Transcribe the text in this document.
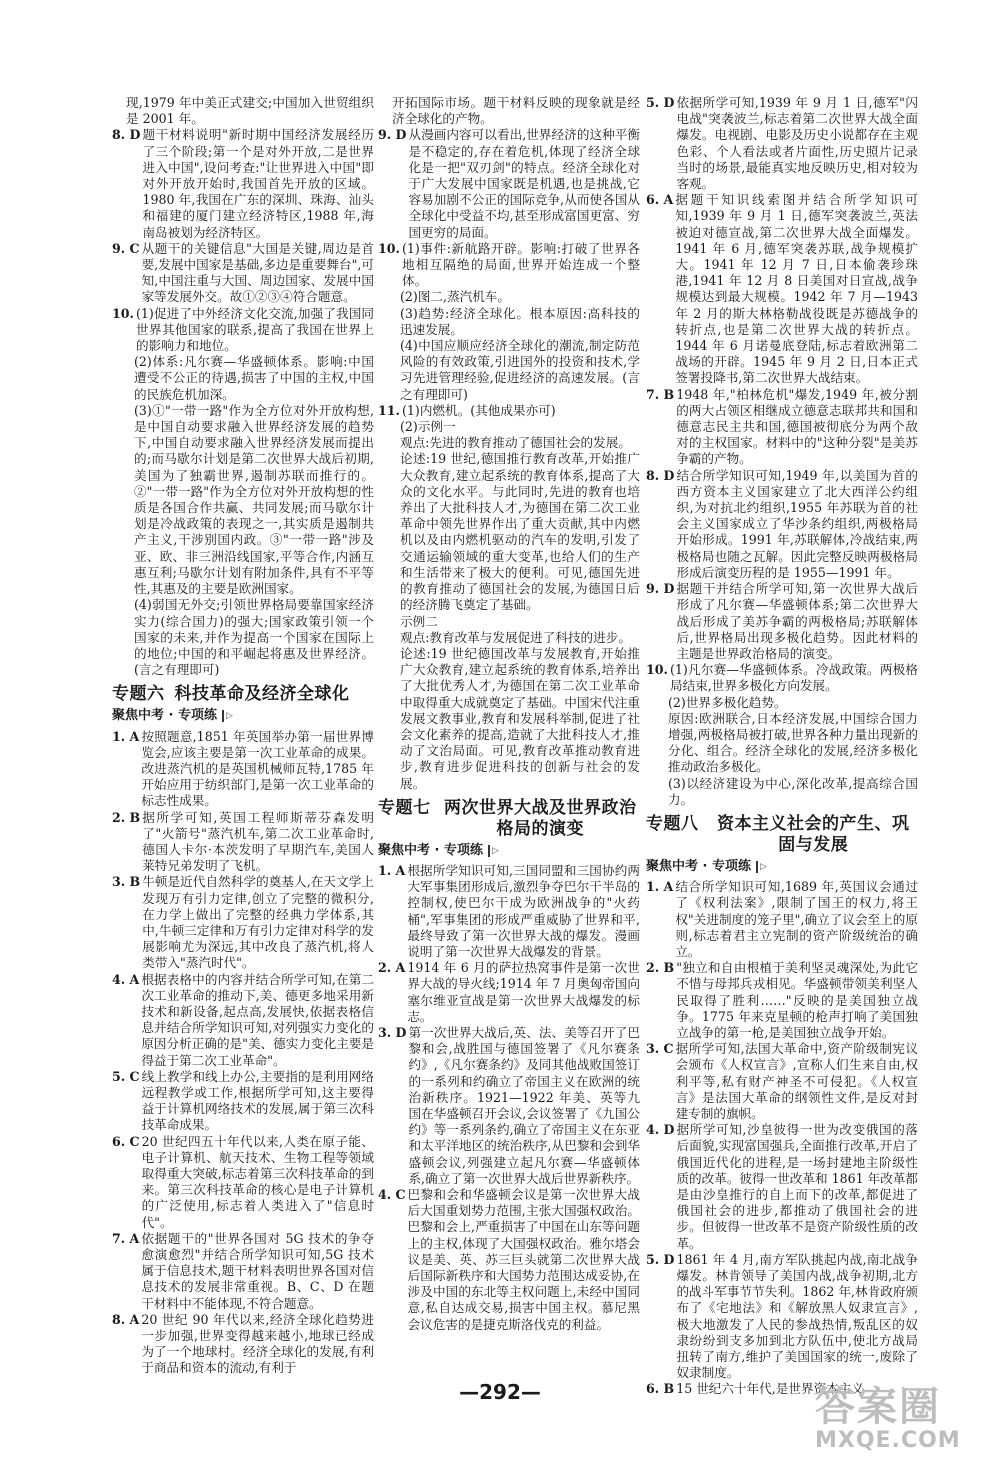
现,1979 年中美正式建交;中国加入世贸组织是 2001 年。
8. D 题干材料说明"新时期中国经济发展经历了三个阶段;第一个是对外开放,二是世界进入中国",设问考查:"让世界进入中国"即对外开放开始时,我国首先开放的区域。1980 年,我国在广东的深圳、珠海、汕头和福建的厦门建立经济特区,1988 年,海南岛被划为经济特区。
9. C 从题干的关键信息"大国是关键,周边是首要,发展中国家是基础,多边是重要舞台",可知,中国注重与大国、周边国家、发展中国家等发展外交。故①②③④符合题意。
10. (1)促进了中外经济文化交流,加强了我国同世界其他国家的联系,提高了我国在世界上的影响力和地位。
(2)体系:凡尔赛—华盛顿体系。影响:中国遭受不公正的待遇,损害了中国的主权,中国的民族危机加深。
(3)①"一带一路"作为全方位对外开放构想,是中国自动要求融入世界经济发展的趋势下,中国自动要求融入世界经济发展而提出的;而马歇尔计划是第二次世界大战后初期,美国为了独霸世界,遏制苏联而推行的。②"一带一路"作为全方位对外开放构想的性质是各国合作共赢、共同发展;而马歇尔计划是冷战政策的表现之一,其实质是遏制共产主义,干涉别国内政。③"一带一路"涉及亚、欧、非三洲沿线国家,平等合作,内涵互惠互利;马歇尔计划有附加条件,具有不平等性,其惠及的主要是欧洲国家。
(4)弱国无外交;引领世界格局要靠国家经济实力(综合国力)的强大;国家政策引领一个国家的未来,并作为提高一个国家在国际上的地位;中国的和平崛起将惠及世界经济。(言之有理即可)
专题六 科技革命及经济全球化
聚焦中考 · 专项练 ▷
1. A 按照题意,1851 年英国举办第一届世界博览会,应该主要是第一次工业革命的成果。改进蒸汽机的是英国机械师瓦特,1785 年开始应用于纺织部门,是第一次工业革命的标志性成果。
2. B 据所学可知,英国工程师斯蒂芬森发明了"火箭号"蒸汽机车,第二次工业革命时,德国人卡尔·本茨发明了早期汽车,美国人莱特兄弟发明了飞机。
3. B 牛顿是近代自然科学的奠基人,在天文学上发现万有引力定律,创立了完整的微积分,在力学上做出了完整的经典力学体系,其中,牛顿三定律和万有引力定律对科学的发展影响尤为深远,其中改良了蒸汽机,将人类带入"蒸汽时代"。
4. A 根据表格中的内容并结合所学可知,在第二次工业革命的推动下,美、德更多地采用新技术和新设备,起点高,发展快,依据表格信息并结合所学知识可知,对列强实力变化的原因分析正确的是"美、德实力变化主要是得益于第二次工业革命"。
5. C 线上教学和线上办公,主要指的是利用网络远程教学或工作,根据所学可知,这主要得益于计算机网络技术的发展,属于第三次科技革命成果。
6. C 20 世纪四五十年代以来,人类在原子能、电子计算机、航天技术、生物工程等领域取得重大突破,标志着第三次科技革命的到来。第三次科技革命的核心是电子计算机的广泛使用,标志着人类进入了"信息时代"。
7. A 依据题干的"世界各国对 5G 技术的争夺愈演愈烈"并结合所学知识可知,5G 技术属于信息技术,题干材料表明世界各国对信息技术的发展非常重视。B、C、D 在题干材料中不能体现,不符合题意。
8. A 20 世纪 90 年代以来,经济全球化趋势进一步加强,世界变得越来越小,地球已经成为了一个地球村。经济全球化的发展,有利于商品和资本的流动,有利于
开拓国际市场。题干材料反映的现象就是经济全球化的产物。
9. D 从漫画内容可以看出,世界经济的这种平衡是不稳定的,存在着危机,体现了经济全球化是一把"双刃剑"的特点。经济全球化对于广大发展中国家既是机遇,也是挑战,它容易加剧不公正的国际竞争,从而使各国从全球化中受益不均,甚至形成富国更富、穷国更穷的局面。
10. (1)事件:新航路开辟。影响:打破了世界各地相互隔绝的局面,世界开始连成一个整体。
(2)图二,蒸汽机车。
(3)趋势:经济全球化。根本原因:高科技的迅速发展。
(4)中国应顺应经济全球化的潮流,制定防范风险的有效政策,引进国外的投资和技术,学习先进管理经验,促进经济的高速发展。(言之有理即可)
11. (1)内燃机。(其他成果亦可)
(2)示例一
观点:先进的教育推动了德国社会的发展。
论述:19 世纪,德国推行教育改革,开始推广大众教育,建立起系统的教育体系,提高了大众的文化水平。与此同时,先进的教育也培养出了大批科技人才,为德国在第二次工业革命中领先世界作出了重大贡献,其中内燃机以及由内燃机驱动的汽车的发明,引发了交通运输领域的重大变革,也给人们的生产和生活带来了极大的便利。可见,德国先进的教育推动了德国社会的发展,为德国日后的经济腾飞奠定了基础。
示例二
观点:教育改革与发展促进了科技的进步。
论述:19 世纪德国改革与发展教育,开始推广大众教育,建立起系统的教育体系,培养出了大批优秀人才,为德国在第二次工业革命中取得重大成就奠定了基础。中国宋代注重发展文教事业,教育和发展科举制,促进了社会文化素养的提高,造就了大批科技人才,推动了文治局面。可见,教育改革推动教育进步,教育进步促进科技的创新与社会的发展。
专题七 两次世界大战及世界政治格局的演变
聚焦中考 · 专项练 ▷
1. A 根据所学知识可知,三国同盟和三国协约两大军事集团形成后,激烈争夺巴尔干半岛的控制权,使巴尔干成为欧洲战争的"火药桶",军事集团的形成严重威胁了世界和平,最终导致了第一次世界大战的爆发。漫画说明了第一次世界大战爆发的背景。
2. A 1914 年 6 月的萨拉热窝事件是第一次世界大战的导火线;1914 年 7 月奥匈帝国向塞尔维亚宣战是第一次世界大战爆发的标志。
3. D 第一次世界大战后,英、法、美等召开了巴黎和会,战胜国与德国签署了《凡尔赛条约》,《凡尔赛条约》及同其他战败国签订的一系列和约确立了帝国主义在欧洲的统治新秩序。1921—1922 年美、英等九国在华盛顿召开会议,会议签署了《九国公约》等一系列条约,确立了帝国主义在东亚和太平洋地区的统治秩序,从巴黎和会到华盛顿会议,列强建立起凡尔赛—华盛顿体系,确立了第一次世界大战后世界新秩序。
4. C 巴黎和会和华盛顿会议是第一次世界大战后大国重划势力范围,主张大国强权政治。巴黎和会上,严重损害了中国在山东等问题上的主权,体现了大国强权政治。雅尔塔会议是美、英、苏三巨头就第二次世界大战后国际新秩序和大国势力范围达成妥协,在涉及中国的东北等主权问题上,未经中国同意,私自达成交易,损害中国主权。慕尼黑会议危害的是捷克斯洛伐克的利益。
5. D 依据所学可知,1939 年 9 月 1 日,德军"闪电战"突袭波兰,标志着第二次世界大战全面爆发。电视剧、电影及历史小说都存在主观色彩、个人看法或者片面性,历史照片记录当时的场景,最能真实地反映历史,相对较为客观。
6. A 据题干知识线索图并结合所学知识可知,1939 年 9 月 1 日,德军突袭波兰,英法被迫对德宣战,第二次世界大战全面爆发。1941 年 6 月,德军突袭苏联,战争规模扩大。1941 年 12 月 7 日,日本偷袭珍珠港,1941 年 12 月 8 日美国对日宣战,战争规模达到最大规模。1942 年 7 月—1943 年 2 月的斯大林格勒战役既是苏德战争的转折点,也是第二次世界大战的转折点。1944 年 6 月诺曼底登陆,标志着欧洲第二战场的开辟。1945 年 9 月 2 日,日本正式签署投降书,第二次世界大战结束。
7. B 1948 年,"柏林危机"爆发,1949 年,被分割的两大占领区相继成立德意志联邦共和国和德意志民主共和国,德国被彻底分为两个敌对的主权国家。材料中的"这种分裂"是美苏争霸的产物。
8. D 结合所学知识可知,1949 年,以美国为首的西方资本主义国家建立了北大西洋公约组织,为对抗北约组织,1955 年苏联为首的社会主义国家成立了华沙条约组织,两极格局开始形成。1991 年,苏联解体,冷战结束,两极格局也随之瓦解。因此完整反映两极格局形成后演变历程的是 1955—1991 年。
9. D 据题干并结合所学可知,第一次世界大战后形成了凡尔赛—华盛顿体系;第二次世界大战后形成了美苏争霸的两极格局;苏联解体后,世界格局出现多极化趋势。因此材料的主题是世界政治格局的演变。
10. (1)凡尔赛—华盛顿体系。冷战政策。两极格局结束,世界多极化方向发展。
(2)世界多极化趋势。
原因:欧洲联合,日本经济发展,中国综合国力增强,两极格局被打破,世界各种力量出现新的分化、组合。经济全球化的发展,经济多极化推动政治多极化。
(3)以经济建设为中心,深化改革,提高综合国力。
专题八	资本主义社会的产生、巩固与发展
聚焦中考 · 专项练 ▷
1. A 结合所学知识可知,1689 年,英国议会通过了《权利法案》,限制了国王的权力,将王权"关进制度的笼子里",确立了议会至上的原则,标志着君主立宪制的资产阶级统治的确立。
2. B "独立和自由根植于美利坚灵魂深处,为此它不惜与母邦兵戎相见。华盛顿带领美利坚人民取得了胜利……"反映的是美国独立战争。1775 年来克星顿的枪声打响了美国独立战争的第一枪,是美国独立战争开始。
3. C 据所学可知,法国大革命中,资产阶级制宪议会颁布《人权宣言》,宣称人们生来自由,权利平等,私有财产神圣不可侵犯。《人权宣言》是法国大革命的纲领性文件,是反对封建专制的旗帜。
4. D 据所学可知,沙皇彼得一世为改变俄国的落后面貌,实现富国强兵,全面推行改革,开启了俄国近代化的进程,是一场封建地主阶级性质的改革。彼得一世改革和 1861 年改革都是由沙皇推行的自上而下的改革,都促进了俄国社会的进步,都推动了俄国社会的进步。但彼得一世改革不是资产阶级性质的改革。
5. D 1861 年 4 月,南方军队挑起内战,南北战争爆发。林肯领导了美国内战,战争初期,北方的战斗军事节节失利。1862 年,林肯政府颁布了《宅地法》和《解放黑人奴隶宣言》,极大地激发了人民的参战热情,叛乱区的奴隶纷纷到支多加到北方队伍中,使北方战局扭转了南方,维护了美国国家的统一,废除了奴隶制度。
6. B 15 世纪六十年代,是世界资本主义
—292—	答案圈
MXQE.COM
